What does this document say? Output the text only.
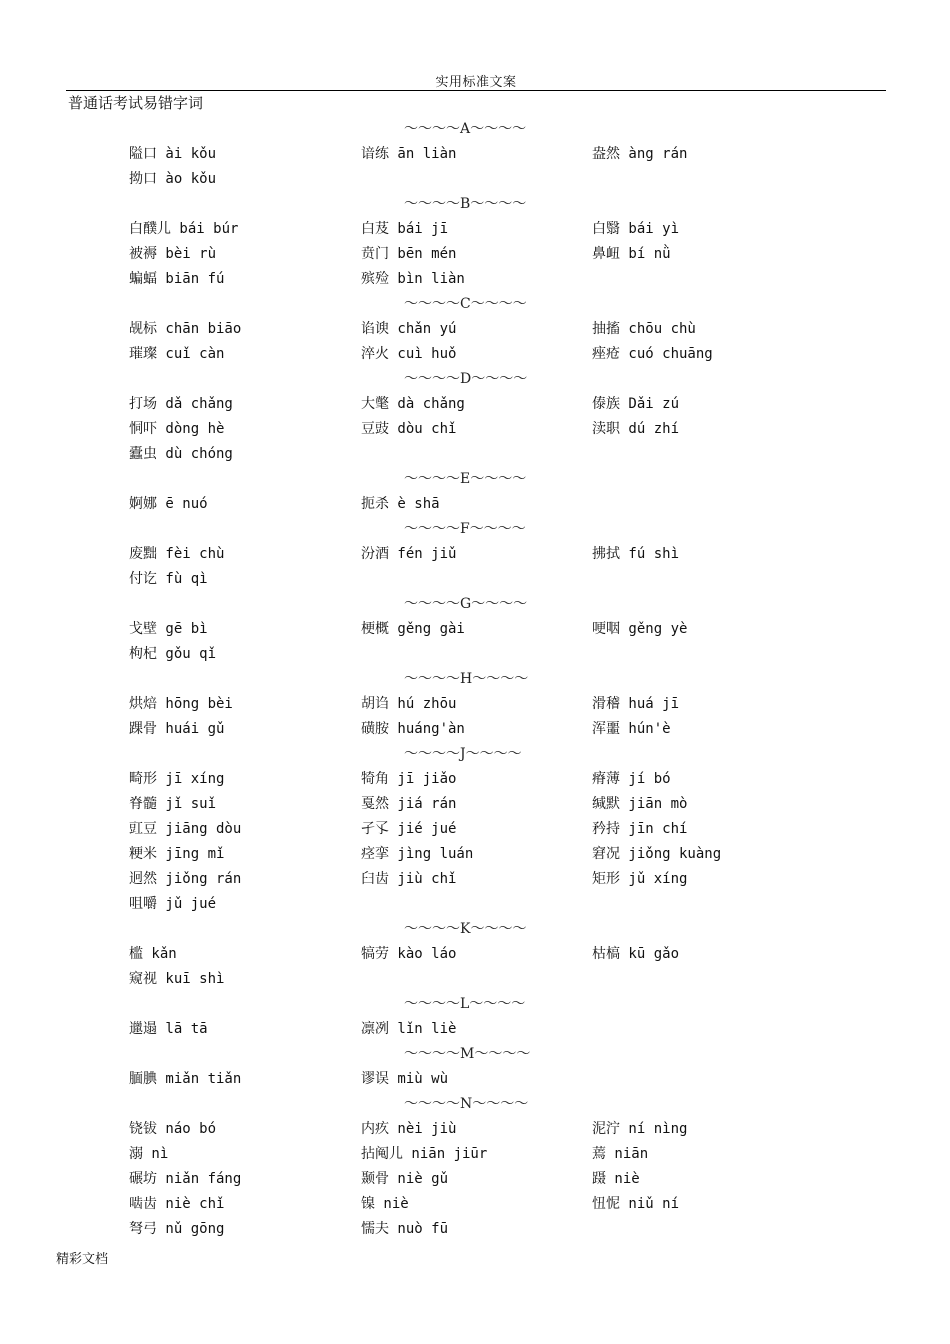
实用标准文案
普通话考试易错字词
～～～～A～～～～
隘口 ài kǒu	谙练 ān liàn	盎然 àng rán
拗口 ào kǒu
～～～～B～～～～
白醭儿 bái búr	白芨 bái jī	白翳 bái yì
被褥 bèi rù	贲门 bēn mén	鼻衄 bí nǜ
蝙蝠 biān fú	殡殓 bìn liàn
～～～～C～～～～
觇标 chān biāo	谄谀 chǎn yú	抽搐 chōu chù
璀璨 cuǐ càn	淬火 cuì huǒ	痤疮 cuó chuāng
～～～～D～～～～
打场 dǎ chǎng	大氅 dà chǎng	傣族 Dǎi zú
恫吓 dòng hè	豆豉 dòu chǐ	渎职 dú zhí
蠹虫 dù chóng
～～～～E～～～～
婀娜 ē nuó	扼杀 è shā
～～～～F～～～～
废黜 fèi chù	汾酒 fén jiǔ	拂拭 fú shì
付讫 fù qì
～～～～G～～～～
戈壁 gē bì	梗概 gěng gài	哽咽 gěng yè
枸杞 gǒu qǐ
～～～～H～～～～
烘焙 hōng bèi	胡诌 hú zhōu	滑稽 huá jī
踝骨 huái gǔ	磺胺 huáng'àn	浑噩 hún'è
～～～～J～～～～
畸形 jī xíng	犄角 jī jiǎo	瘠薄 jí bó
脊髓 jǐ suǐ	戛然 jiá rán	缄默 jiān mò
豇豆 jiāng dòu	孑孓 jié jué	矜持 jīn chí
粳米 jīng mǐ	痉挛 jìng luán	窘况 jiǒng kuàng
迥然 jiǒng rán	臼齿 jiù chǐ	矩形 jǔ xíng
咀嚼 jǔ jué
～～～～K～～～～
槛 kǎn	犒劳 kào láo	枯槁 kū gǎo
窥视 kuī shì
～～～～L～～～～
邋遢 lā tā	凛冽 lǐn liè
～～～～M～～～～
腼腆 miǎn tiǎn	谬误 miù wù
～～～～N～～～～
铙钹 náo bó	内疚 nèi jiù	泥泞 ní nìng
溺 nì	拈阄儿 niān jiūr	蔫 niān
碾坊 niǎn fáng	颞骨 niè gǔ	蹑 niè
啮齿 niè chǐ	镍 niè	忸怩 niǔ ní
弩弓 nǔ gōng	懦夫 nuò fū
精彩文档
